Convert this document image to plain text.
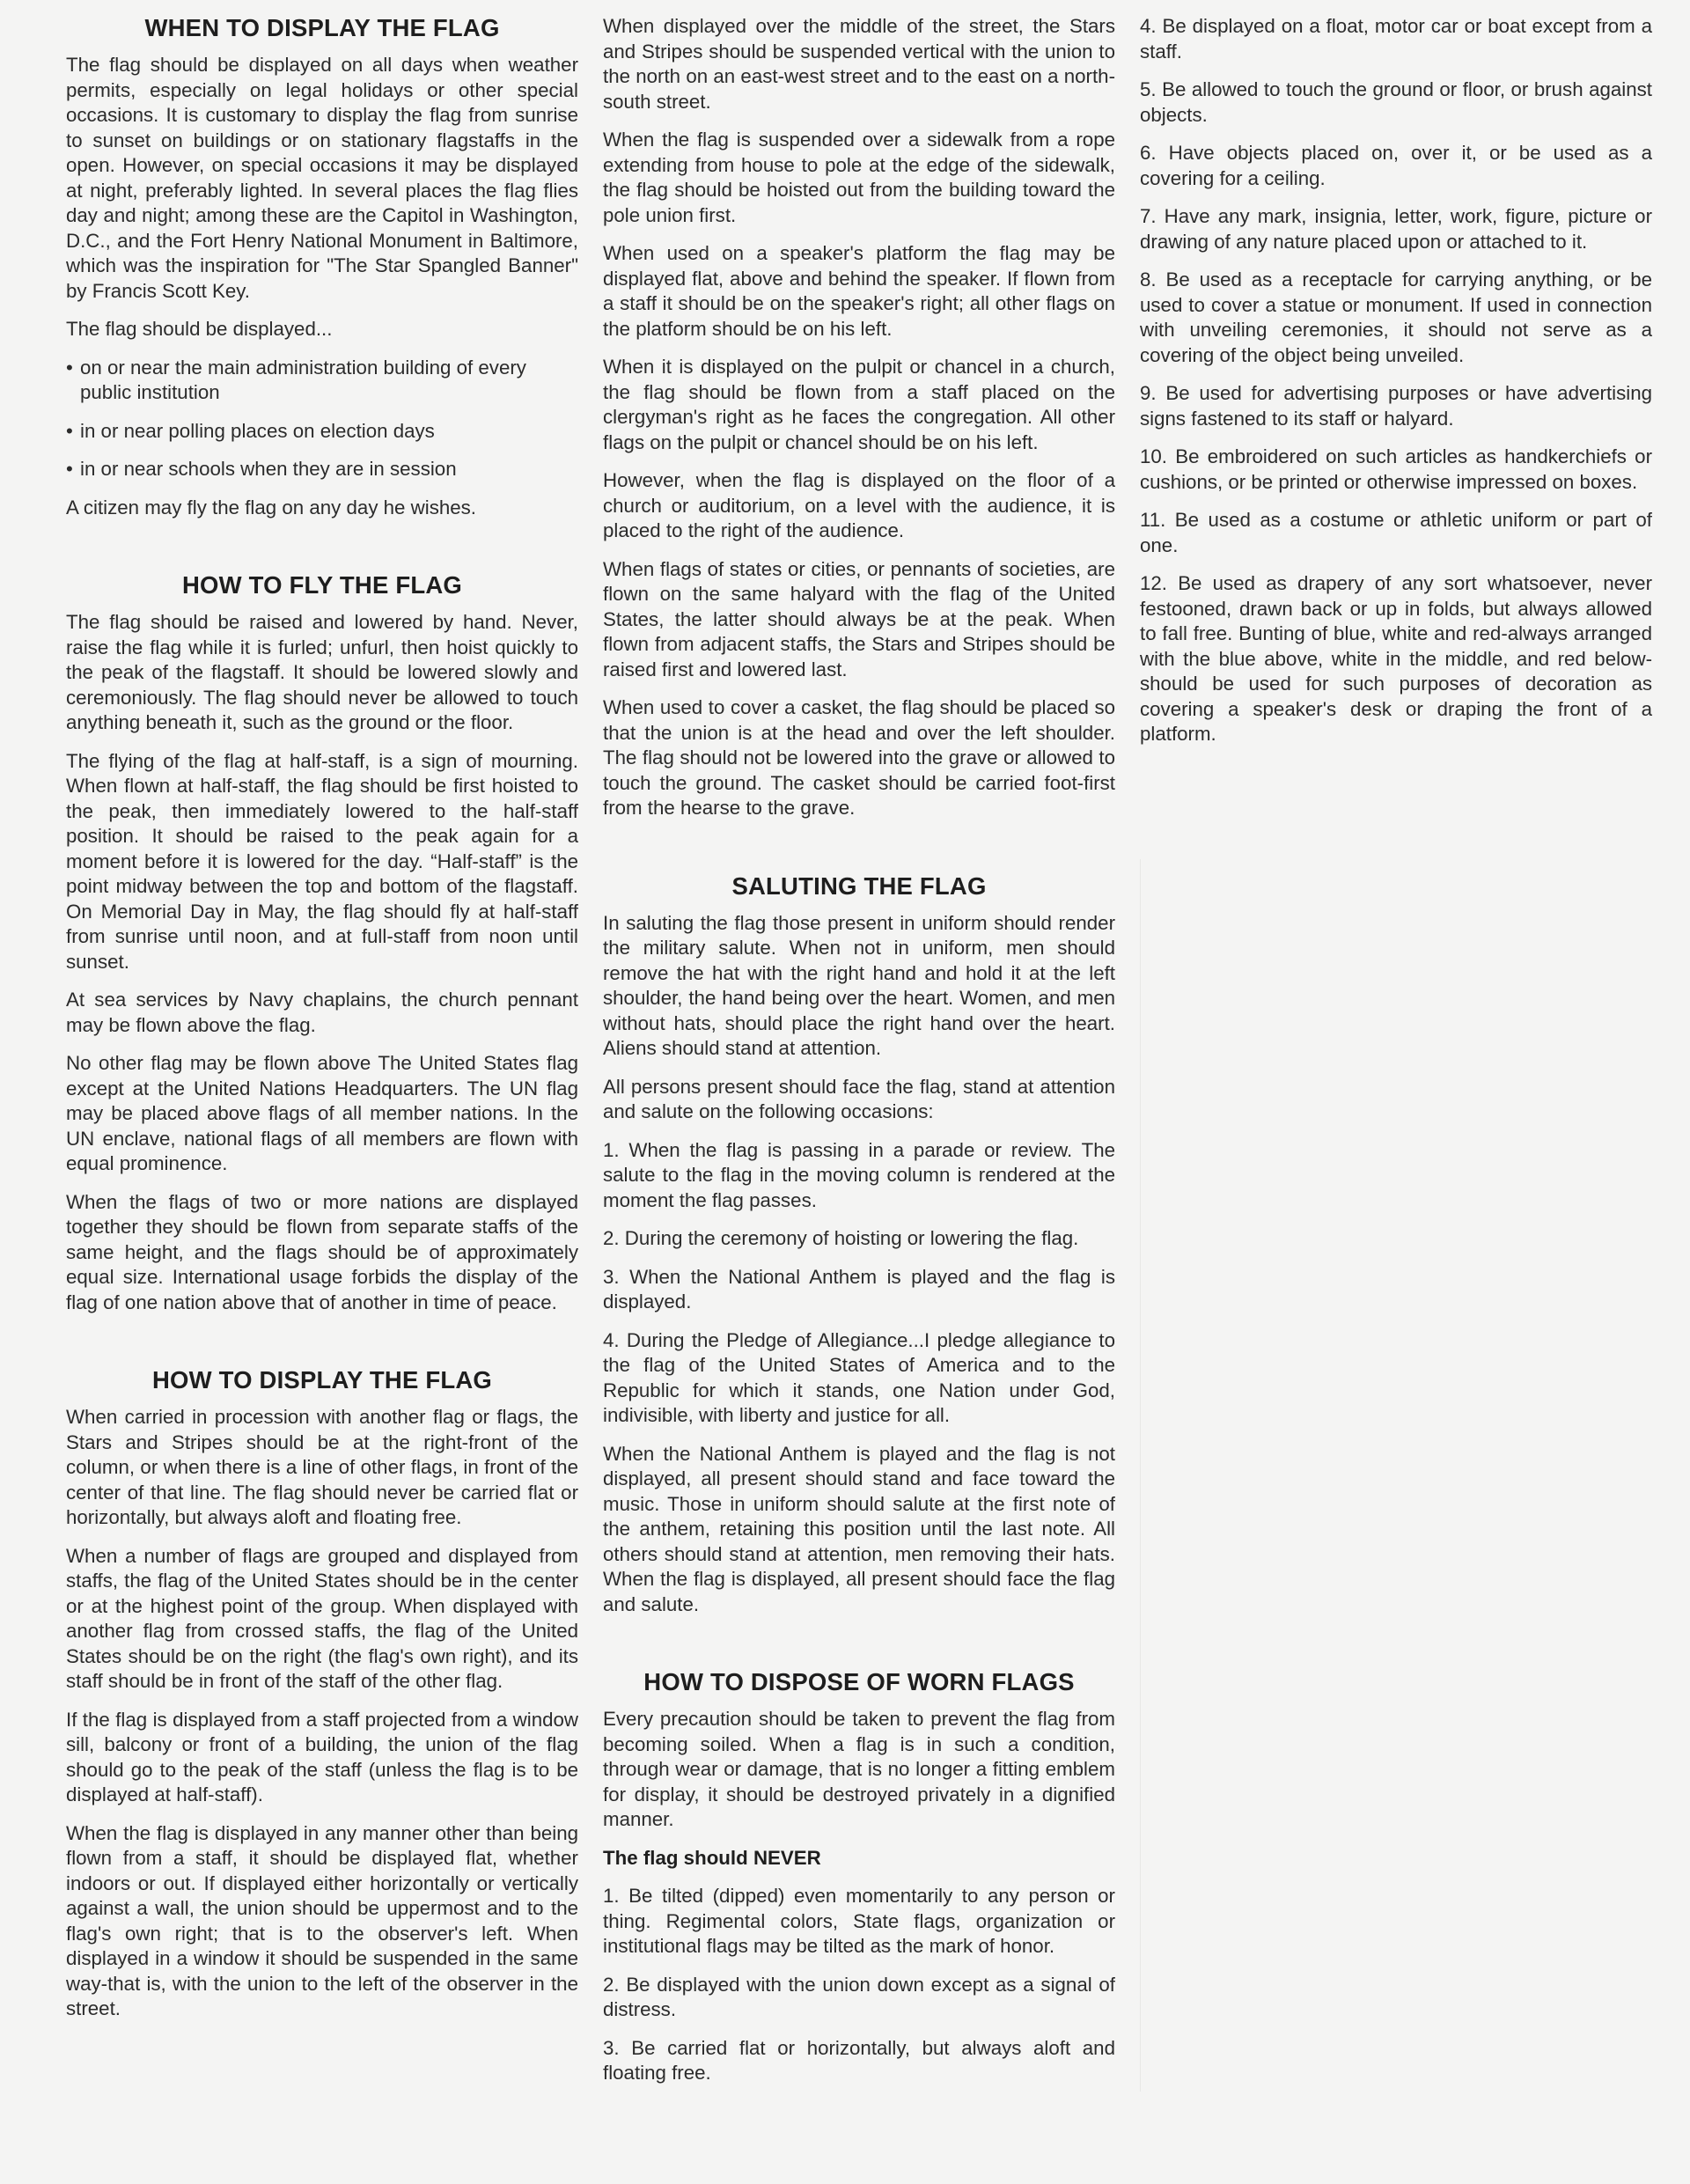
WHEN TO DISPLAY THE FLAG

The flag should be displayed on all days when weather permits, especially on legal holidays or other special occasions. It is customary to display the flag from sunrise to sunset on buildings or on stationary flagstaffs in the open. However, on special occasions it may be displayed at night, preferably lighted. In several places the flag flies day and night; among these are the Capitol in Washington, D.C., and the Fort Henry National Monument in Baltimore, which was the inspiration for "The Star Spangled Banner" by Francis Scott Key.

The flag should be displayed...

• on or near the main administration building of every public institution
• in or near polling places on election days
• in or near schools when they are in session

A citizen may fly the flag on any day he wishes.

HOW TO FLY THE FLAG

The flag should be raised and lowered by hand. Never, raise the flag while it is furled; unfurl, then hoist quickly to the peak of the flagstaff. It should be lowered slowly and ceremoniously. The flag should never be allowed to touch anything beneath it, such as the ground or the floor.

The flying of the flag at half-staff, is a sign of mourning. When flown at half-staff, the flag should be first hoisted to the peak, then immediately lowered to the half-staff position. It should be raised to the peak again for a moment before it is lowered for the day. “Half-staff” is the point midway between the top and bottom of the flagstaff. On Memorial Day in May, the flag should fly at half-staff from sunrise until noon, and at full-staff from noon until sunset.

At sea services by Navy chaplains, the church pennant may be flown above the flag.

No other flag may be flown above The United States flag except at the United Nations Headquarters. The UN flag may be placed above flags of all member nations. In the UN enclave, national flags of all members are flown with equal prominence.

When the flags of two or more nations are displayed together they should be flown from separate staffs of the same height, and the flags should be of approximately equal size. International usage forbids the display of the flag of one nation above that of another in time of peace.

HOW TO DISPLAY THE FLAG

When carried in procession with another flag or flags, the Stars and Stripes should be at the right-front of the column, or when there is a line of other flags, in front of the center of that line. The flag should never be carried flat or horizontally, but always aloft and floating free.

When a number of flags are grouped and displayed from staffs, the flag of the United States should be in the center or at the highest point of the group. When displayed with another flag from crossed staffs, the flag of the United States should be on the right (the flag's own right), and its staff should be in front of the staff of the other flag.

If the flag is displayed from a staff projected from a window sill, balcony or front of a building, the union of the flag should go to the peak of the staff (unless the flag is to be displayed at half-staff).

When the flag is displayed in any manner other than being flown from a staff, it should be displayed flat, whether indoors or out. If displayed either horizontally or vertically against a wall, the union should be uppermost and to the flag's own right; that is to the observer's left. When displayed in a window it should be suspended in the same way-that is, with the union to the left of the observer in the street.

When displayed over the middle of the street, the Stars and Stripes should be suspended vertical with the union to the north on an east-west street and to the east on a north-south street.

When the flag is suspended over a sidewalk from a rope extending from house to pole at the edge of the sidewalk, the flag should be hoisted out from the building toward the pole union first.

When used on a speaker's platform the flag may be displayed flat, above and behind the speaker. If flown from a staff it should be on the speaker's right; all other flags on the platform should be on his left.

When it is displayed on the pulpit or chancel in a church, the flag should be flown from a staff placed on the clergyman's right as he faces the congregation. All other flags on the pulpit or chancel should be on his left.

However, when the flag is displayed on the floor of a church or auditorium, on a level with the audience, it is placed to the right of the audience.

When flags of states or cities, or pennants of societies, are flown on the same halyard with the flag of the United States, the latter should always be at the peak. When flown from adjacent staffs, the Stars and Stripes should be raised first and lowered last.

When used to cover a casket, the flag should be placed so that the union is at the head and over the left shoulder. The flag should not be lowered into the grave or allowed to touch the ground. The casket should be carried foot-first from the hearse to the grave.

SALUTING THE FLAG

In saluting the flag those present in uniform should render the military salute. When not in uniform, men should remove the hat with the right hand and hold it at the left shoulder, the hand being over the heart. Women, and men without hats, should place the right hand over the heart. Aliens should stand at attention.

All persons present should face the flag, stand at attention and salute on the following occasions:

1. When the flag is passing in a parade or review. The salute to the flag in the moving column is rendered at the moment the flag passes.

2. During the ceremony of hoisting or lowering the flag.

3. When the National Anthem is played and the flag is displayed.

4. During the Pledge of Allegiance...I pledge allegiance to the flag of the United States of America and to the Republic for which it stands, one Nation under God, indivisible, with liberty and justice for all.

When the National Anthem is played and the flag is not displayed, all present should stand and face toward the music. Those in uniform should salute at the first note of the anthem, retaining this position until the last note. All others should stand at attention, men removing their hats. When the flag is displayed, all present should face the flag and salute.

HOW TO DISPOSE OF WORN FLAGS

Every precaution should be taken to prevent the flag from becoming soiled. When a flag is in such a condition, through wear or damage, that is no longer a fitting emblem for display, it should be destroyed privately in a dignified manner.

The flag should NEVER

1. Be tilted (dipped) even momentarily to any person or thing. Regimental colors, State flags, organization or institutional flags may be tilted as the mark of honor.

2. Be displayed with the union down except as a signal of distress.

3. Be carried flat or horizontally, but always aloft and floating free.

4. Be displayed on a float, motor car or boat except from a staff.

5. Be allowed to touch the ground or floor, or brush against objects.

6. Have objects placed on, over it, or be used as a covering for a ceiling.

7. Have any mark, insignia, letter, work, figure, picture or drawing of any nature placed upon or attached to it.

8. Be used as a receptacle for carrying anything, or be used to cover a statue or monument. If used in connection with unveiling ceremonies, it should not serve as a covering of the object being unveiled.

9. Be used for advertising purposes or have advertising signs fastened to its staff or halyard.

10. Be embroidered on such articles as handkerchiefs or cushions, or be printed or otherwise impressed on boxes.

11. Be used as a costume or athletic uniform or part of one.

12. Be used as drapery of any sort whatsoever, never festooned, drawn back or up in folds, but always allowed to fall free. Bunting of blue, white and red-always arranged with the blue above, white in the middle, and red below-should be used for such purposes of decoration as covering a speaker's desk or draping the front of a platform.
